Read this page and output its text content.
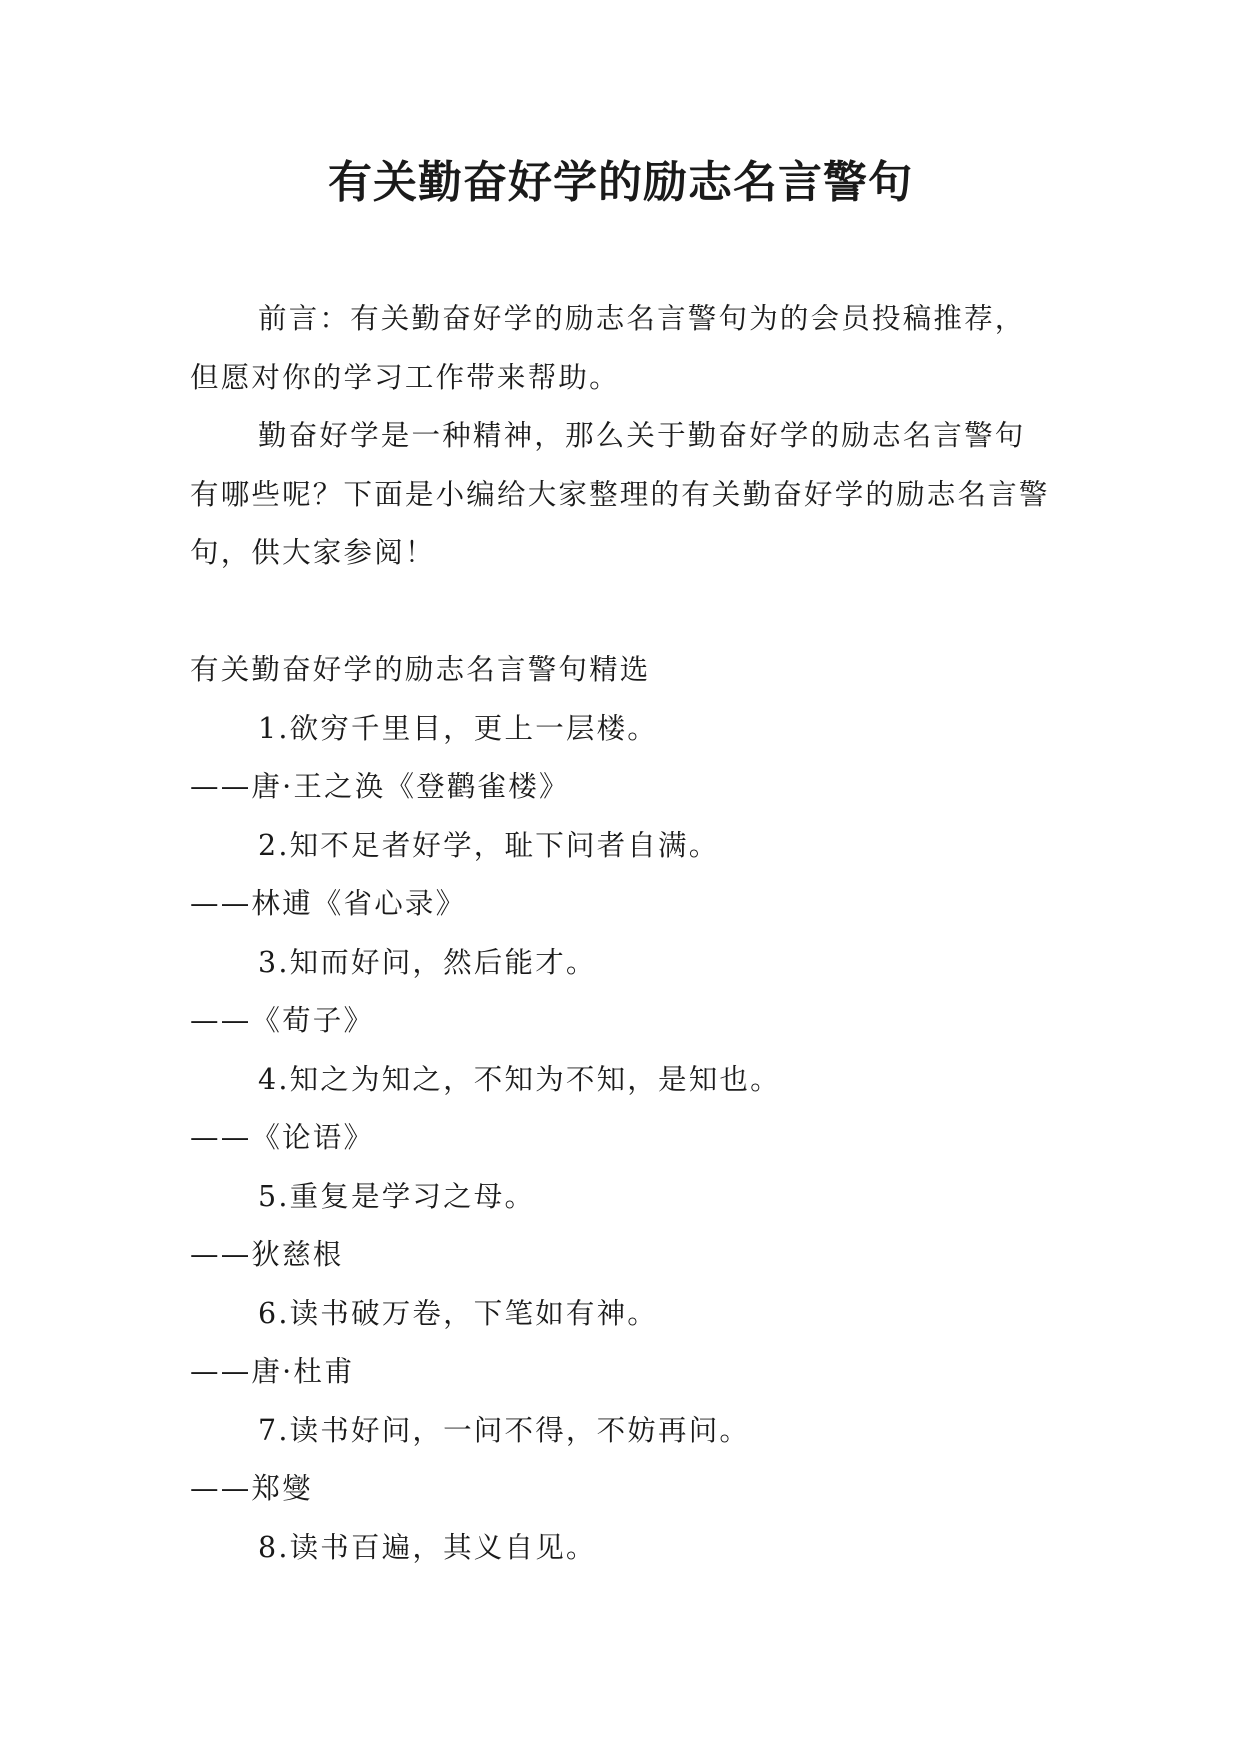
有关勤奋好学的励志名言警句

前言：有关勤奋好学的励志名言警句为的会员投稿推荐，但愿对你的学习工作带来帮助。

勤奋好学是一种精神，那么关于勤奋好学的励志名言警句有哪些呢？下面是小编给大家整理的有关勤奋好学的励志名言警句，供大家参阅！

有关勤奋好学的励志名言警句精选

1.欲穷千里目，更上一层楼。

——唐·王之涣《登鹳雀楼》

2.知不足者好学，耻下问者自满。

——林逋《省心录》

3.知而好问，然后能才。

——《荀子》

4.知之为知之，不知为不知，是知也。

——《论语》

5.重复是学习之母。

——狄慈根

6.读书破万卷，下笔如有神。

——唐·杜甫

7.读书好问，一问不得，不妨再问。

——郑燮

8.读书百遍，其义自见。
